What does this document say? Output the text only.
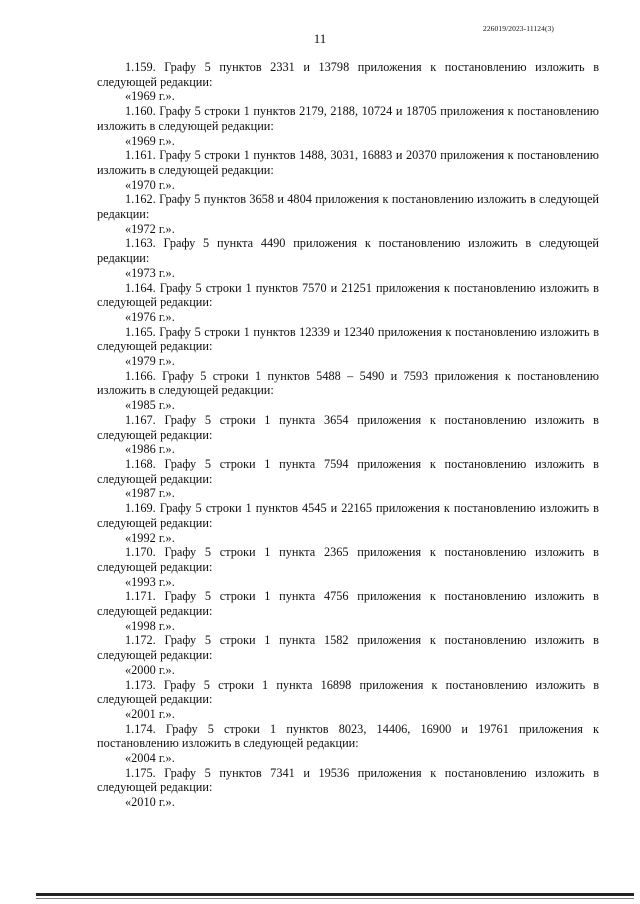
226019/2023-11124(3)
11

1.159. Графу 5 пунктов 2331 и 13798 приложения к постановлению изложить в следующей редакции:

«1969 г.».

1.160. Графу 5 строки 1 пунктов 2179, 2188, 10724 и 18705 приложения к постановлению изложить в следующей редакции:

«1969 г.».

1.161. Графу 5 строки 1 пунктов 1488, 3031, 16883 и 20370 приложения к постановлению изложить в следующей редакции:

«1970 г.».

1.162. Графу 5 пунктов 3658 и 4804 приложения к постановлению изложить в следующей редакции:

«1972 г.».

1.163. Графу 5 пункта 4490 приложения к постановлению изложить в следующей редакции:

«1973 г.».

1.164. Графу 5 строки 1 пунктов 7570 и 21251 приложения к постановлению изложить в следующей редакции:

«1976 г.».

1.165. Графу 5 строки 1 пунктов 12339 и 12340 приложения к постановлению изложить в следующей редакции:

«1979 г.».

1.166. Графу 5 строки 1 пунктов 5488 – 5490 и 7593 приложения к постановлению изложить в следующей редакции:

«1985 г.».

1.167. Графу 5 строки 1 пункта 3654 приложения к постановлению изложить в следующей редакции:

«1986 г.».

1.168. Графу 5 строки 1 пункта 7594 приложения к постановлению изложить в следующей редакции:

«1987 г.».

1.169. Графу 5 строки 1 пунктов 4545 и 22165 приложения к постановлению изложить в следующей редакции:

«1992 г.».

1.170. Графу 5 строки 1 пункта 2365 приложения к постановлению изложить в следующей редакции:

«1993 г.».

1.171. Графу 5 строки 1 пункта 4756 приложения к постановлению изложить в следующей редакции:

«1998 г.».

1.172. Графу 5 строки 1 пункта 1582 приложения к постановлению изложить в следующей редакции:

«2000 г.».

1.173. Графу 5 строки 1 пункта 16898 приложения к постановлению изложить в следующей редакции:

«2001 г.».

1.174. Графу 5 строки 1 пунктов 8023, 14406, 16900 и 19761 приложения к постановлению изложить в следующей редакции:

«2004 г.».

1.175. Графу 5 пунктов 7341 и 19536 приложения к постановлению изложить в следующей редакции:

«2010 г.».
